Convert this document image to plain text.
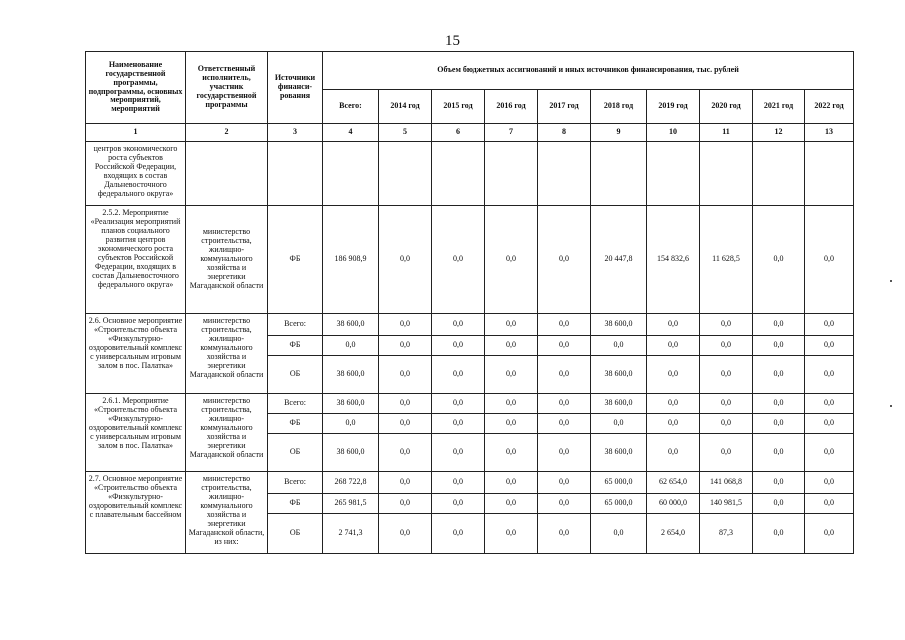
15
Наименование государственной программы, подпрограммы, основных мероприятий, мероприятий	Ответственный исполнитель, участник государственной программы	Источники финанси-рования	Объем бюджетных ассигнований и иных источников финансирования, тыс. рублей									
			Всего:	2014 год	2015 год	2016 год	2017 год	2018 год	2019 год	2020 год	2021 год	2022 год
1	2	3	4	5	6	7	8	9	10	11	12	13
центров экономического роста субъектов Российской Федерации, входящих в состав Дальневосточного федерального округа»												
2.5.2. Мероприятие «Реализация мероприятий планов социального развития центров экономического роста субъектов Российской Федерации, входящих в состав Дальневосточного федерального округа»	министерство строительства, жилищно-коммунального хозяйства и энергетики Магаданской области	ФБ	186 908,9	0,0	0,0	0,0	0,0	20 447,8	154 832,6	11 628,5	0,0	0,0
2.6. Основное мероприятие «Строительство объекта «Физкультурно-оздоровительный комплекс с универсальным игровым залом в пос. Палатка»	министерство строительства, жилищно-коммунального хозяйства и энергетики Магаданской области	Всего:	38 600,0	0,0	0,0	0,0	0,0	38 600,0	0,0	0,0	0,0	0,0
		ФБ	0,0	0,0	0,0	0,0	0,0	0,0	0,0	0,0	0,0	0,0
		ОБ	38 600,0	0,0	0,0	0,0	0,0	38 600,0	0,0	0,0	0,0	0,0
2.6.1. Мероприятие «Строительство объекта «Физкультурно-оздоровительный комплекс с универсальным игровым залом в пос. Палатка»	министерство строительства, жилищно-коммунального хозяйства и энергетики Магаданской области	Всего:	38 600,0	0,0	0,0	0,0	0,0	38 600,0	0,0	0,0	0,0	0,0
		ФБ	0,0	0,0	0,0	0,0	0,0	0,0	0,0	0,0	0,0	0,0
		ОБ	38 600,0	0,0	0,0	0,0	0,0	38 600,0	0,0	0,0	0,0	0,0
2.7. Основное мероприятие «Строительство объекта «Физкультурно-оздоровительный комплекс с плавательным бассейном	министерство строительства, жилищно-коммунального хозяйства и энергетики Магаданской области, из них:	Всего:	268 722,8	0,0	0,0	0,0	0,0	65 000,0	62 654,0	141 068,8	0,0	0,0
		ФБ	265 981,5	0,0	0,0	0,0	0,0	65 000,0	60 000,0	140 981,5	0,0	0,0
		ОБ	2 741,3	0,0	0,0	0,0	0,0	0,0	2 654,0	87,3	0,0	0,0
